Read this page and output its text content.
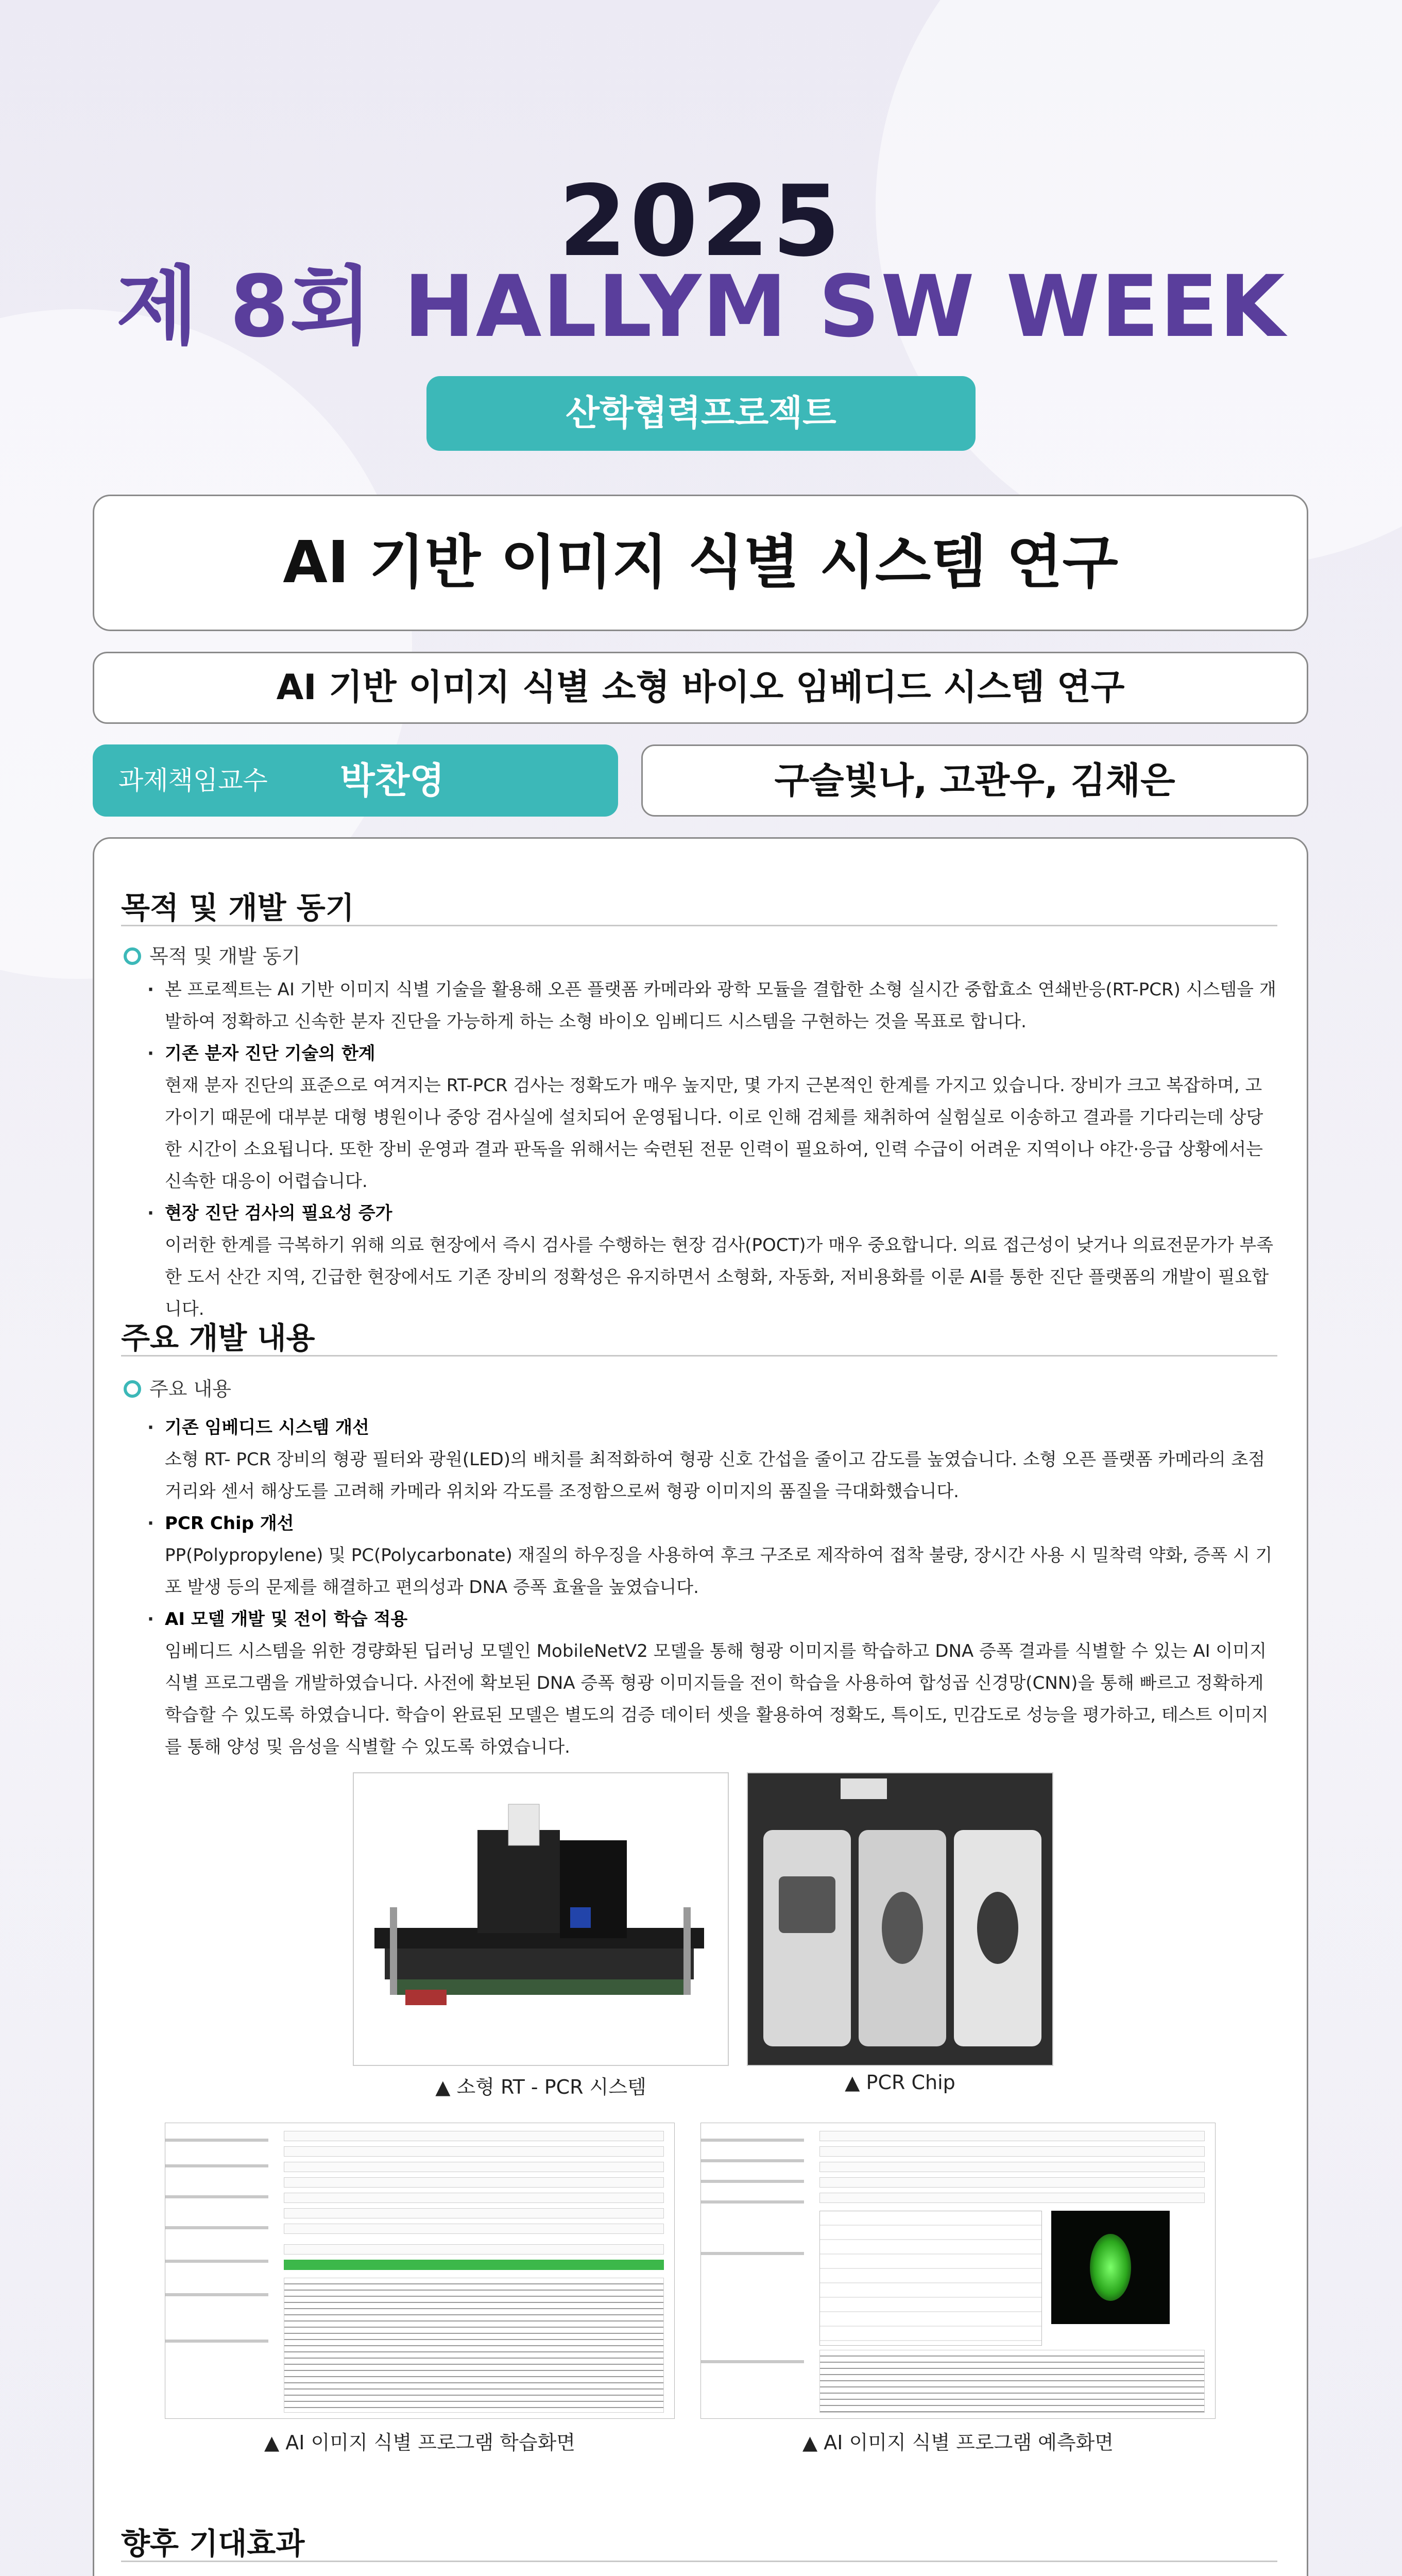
2025
제 8회 HALLYM SW WEEK
산학협력프로젝트
AI 기반 이미지 식별 시스템 연구
AI 기반 이미지 식별 소형 바이오 임베디드 시스템 연구
과제책임교수 박찬영	구슬빛나, 고관우, 김채은
목적 및 개발 동기
목적 및 개발 동기
· 본 프로젝트는 AI 기반 이미지 식별 기술을 활용해 오픈 플랫폼 카메라와 광학 모듈을 결합한 소형 실시간 중합효소 연쇄반응(RT-PCR) 시스템을 개발하여 정확하고 신속한 분자 진단을 가능하게 하는 소형 바이오 임베디드 시스템을 구현하는 것을 목표로 합니다.
· 기존 분자 진단 기술의 한계
현재 분자 진단의 표준으로 여겨지는 RT-PCR 검사는 정확도가 매우 높지만, 몇 가지 근본적인 한계를 가지고 있습니다. 장비가 크고 복잡하며, 고가이기 때문에 대부분 대형 병원이나 중앙 검사실에 설치되어 운영됩니다. 이로 인해 검체를 채취하여 실험실로 이송하고 결과를 기다리는데 상당한 시간이 소요됩니다. 또한 장비 운영과 결과 판독을 위해서는 숙련된 전문 인력이 필요하여, 인력 수급이 어려운 지역이나 야간·응급 상황에서는 신속한 대응이 어렵습니다.
· 현장 진단 검사의 필요성 증가
이러한 한계를 극복하기 위해 의료 현장에서 즉시 검사를 수행하는 현장 검사(POCT)가 매우 중요합니다. 의료 접근성이 낮거나 의료전문가가 부족한 도서 산간 지역, 긴급한 현장에서도 기존 장비의 정확성은 유지하면서 소형화, 자동화, 저비용화를 이룬 AI를 통한 진단 플랫폼의 개발이 필요합니다.
주요 개발 내용
주요 내용
· 기존 임베디드 시스템 개선
소형 RT- PCR 장비의 형광 필터와 광원(LED)의 배치를 최적화하여 형광 신호 간섭을 줄이고 감도를 높였습니다. 소형 오픈 플랫폼 카메라의 초점 거리와 센서 해상도를 고려해 카메라 위치와 각도를 조정함으로써 형광 이미지의 품질을 극대화했습니다.
· PCR Chip 개선
PP(Polypropylene) 및 PC(Polycarbonate) 재질의 하우징을 사용하여 후크 구조로 제작하여 접착 불량, 장시간 사용 시 밀착력 약화, 증폭 시 기포 발생 등의 문제를 해결하고 편의성과 DNA 증폭 효율을 높였습니다.
· AI 모델 개발 및 전이 학습 적용
임베디드 시스템을 위한 경량화된 딥러닝 모델인 MobileNetV2 모델을 통해 형광 이미지를 학습하고 DNA 증폭 결과를 식별할 수 있는 AI 이미지 식별 프로그램을 개발하였습니다. 사전에 확보된 DNA 증폭 형광 이미지들을 전이 학습을 사용하여 합성곱 신경망(CNN)을 통해 빠르고 정확하게 학습할 수 있도록 하였습니다. 학습이 완료된 모델은 별도의 검증 데이터 셋을 활용하여 정확도, 특이도, 민감도로 성능을 평가하고, 테스트 이미지를 통해 양성 및 음성을 식별할 수 있도록 하였습니다.
▲ 소형 RT - PCR 시스템	▲ PCR Chip
▲ AI 이미지 식별 프로그램 학습화면	▲ AI 이미지 식별 프로그램 예측화면
향후 기대효과
